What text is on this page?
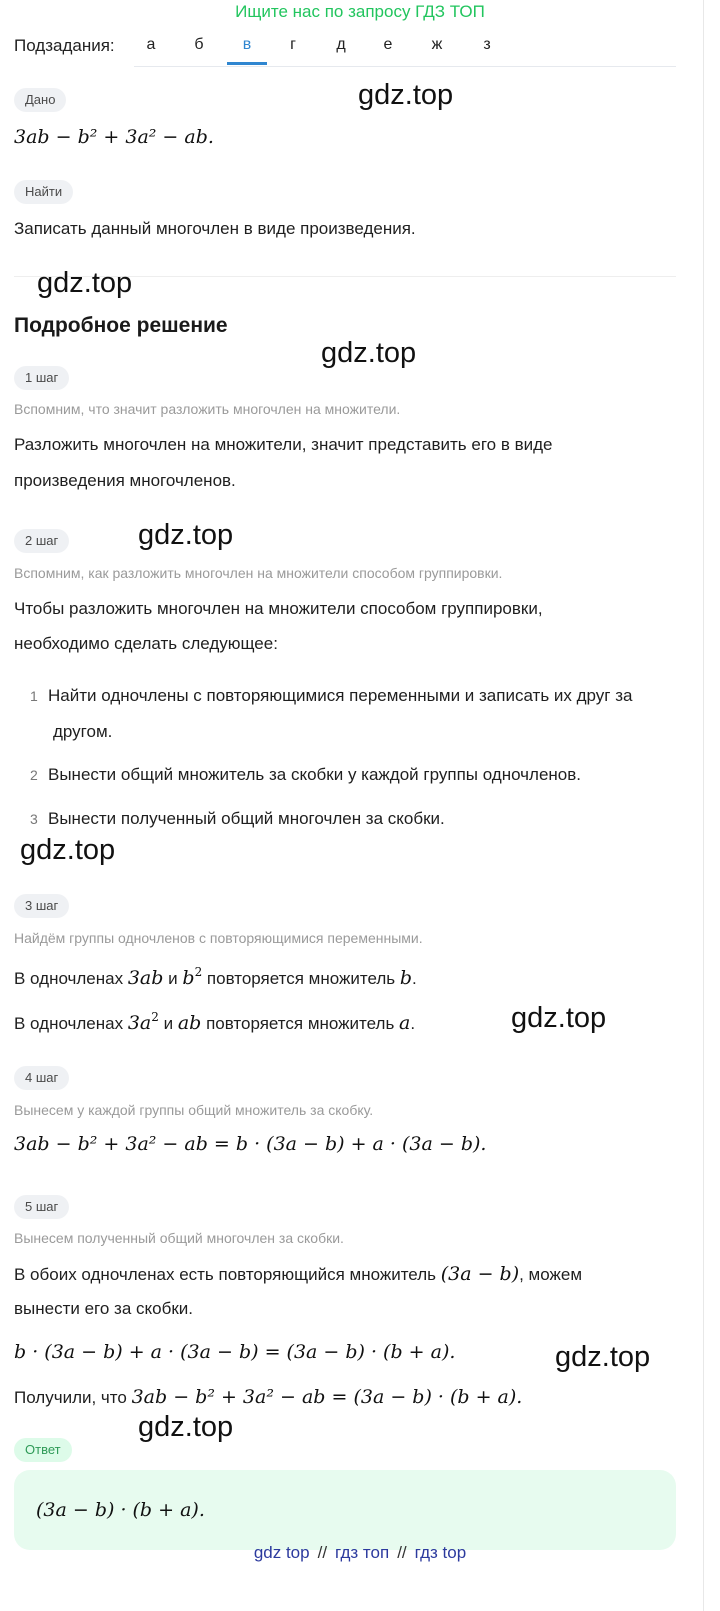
Ищите нас по запросу ГДЗ ТОП
Подзадания:	а	б	в	г	д	е	ж	з
Дано	gdz.top
3ab − b² + 3a² − ab.
Найти
Записать данный многочлен в виде произведения.
gdz.top
Подробное решение
gdz.top
1 шаг
Вспомним, что значит разложить многочлен на множители.
Разложить многочлен на множители, значит представить его в виде
произведения многочленов.
2 шаг	gdz.top
Вспомним, как разложить многочлен на множители способом группировки.
Чтобы разложить многочлен на множители способом группировки,
необходимо сделать следующее:
1 Найти одночлены с повторяющимися переменными и записать их друг за
другом.
2 Вынести общий множитель за скобки у каждой группы одночленов.
3 Вынести полученный общий многочлен за скобки.
gdz.top
3 шаг
Найдём группы одночленов с повторяющимися переменными.
В одночленах 3ab и $b^2$ повторяется множитель b.
В одночленах $3a^2$ и ab повторяется множитель a.	gdz.top
4 шаг
Вынесем у каждой группы общий множитель за скобку.
3ab − b² + 3a² − ab = b · (3a − b) + a · (3a − b).
5 шаг
Вынесем полученный общий многочлен за скобки.
В обоих одночленах есть повторяющийся множитель (3a − b), можем
вынести его за скобки.
b · (3a − b) + a · (3a − b) = (3a − b) · (b + a).	gdz.top
Получили, что 3ab − b² + 3a² − ab = (3a − b) · (b + a).
gdz.top
Ответ
(3a − b) · (b + a).
gdz top // гдз топ // гдз top
